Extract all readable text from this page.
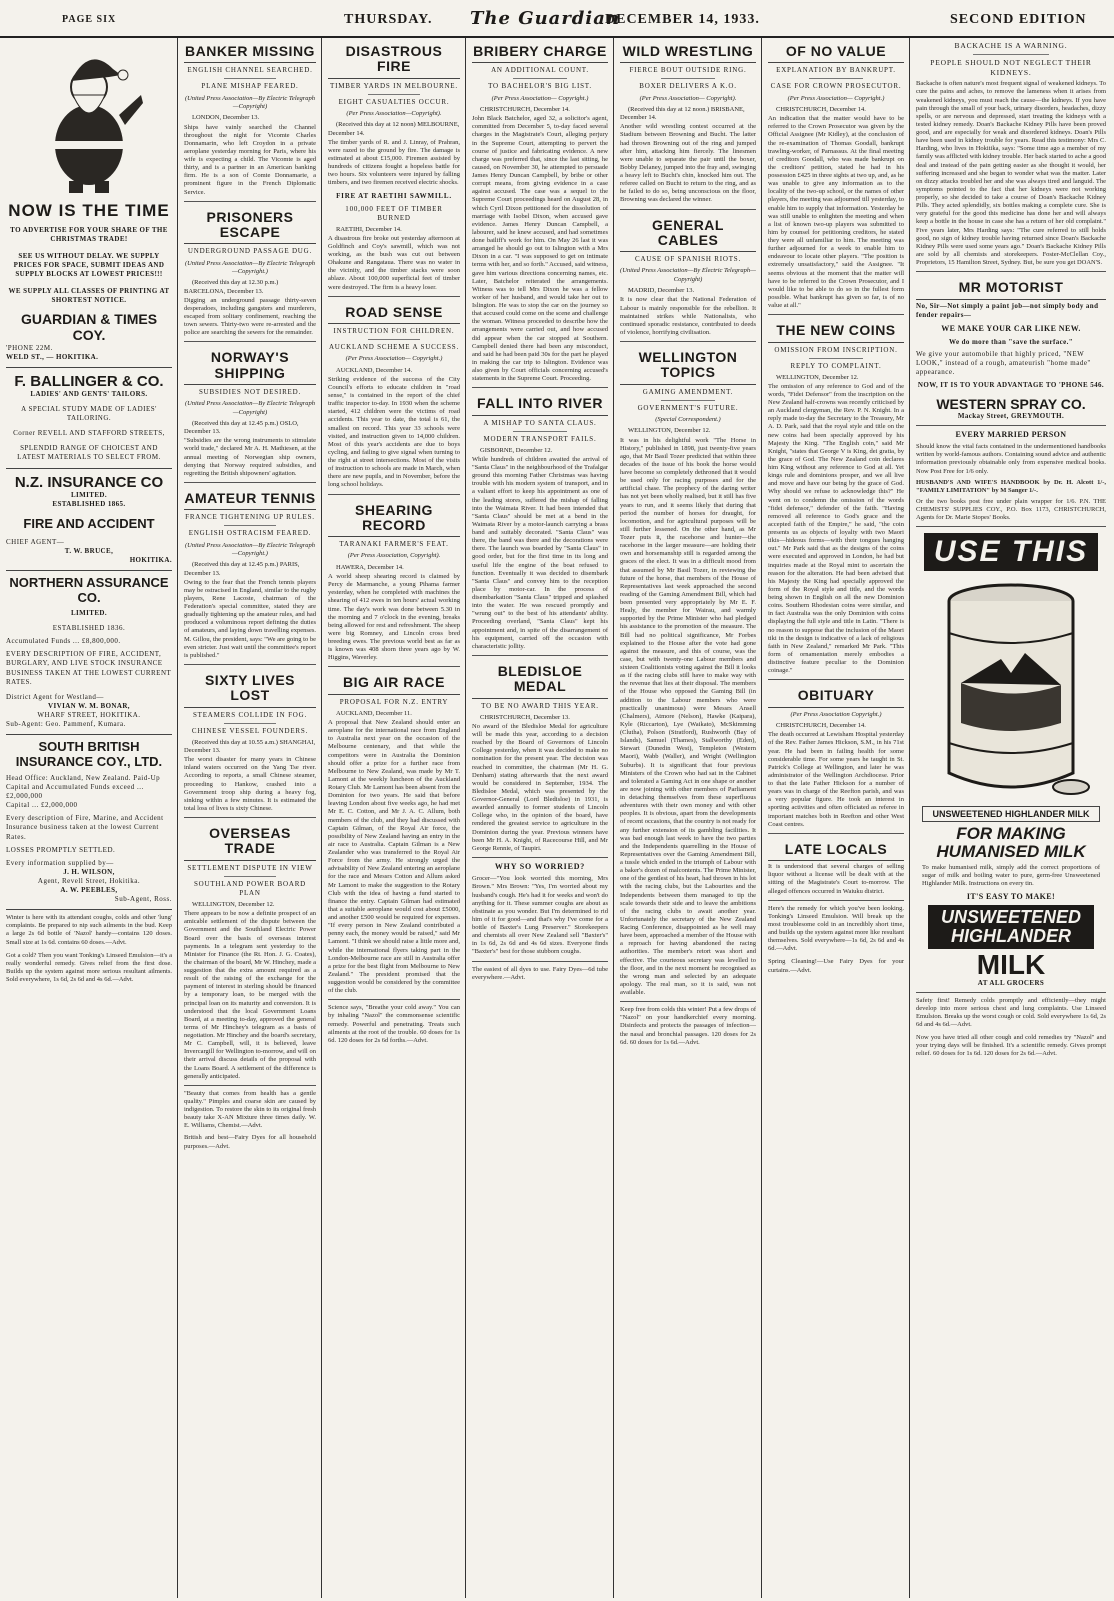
PAGE SIX	THURSDAY. The Guardian
DECEMBER 14, 1933.	SECOND EDITION
NOW IS THE TIME
TO ADVERTISE FOR YOUR SHARE OF THE CHRISTMAS TRADE!
SEE US WITHOUT DELAY. WE SUPPLY PRICES FOR SPACE, SUBMIT IDEAS AND SUPPLY BLOCKS AT LOWEST PRICES!!!
WE SUPPLY ALL CLASSES OF PRINTING AT SHORTEST NOTICE.
GUARDIAN & TIMES COY.
'PHONE 22M.
WELD ST., — HOKITIKA.
F. BALLINGER & CO.
LADIES' AND GENTS' TAILORS.
A SPECIAL STUDY MADE OF LADIES' TAILORING.
Corner REVELL AND STAFFORD STREETS,
SPLENDID RANGE OF CHOICEST AND LATEST MATERIALS TO SELECT FROM.
N.Z. INSURANCE CO
LIMITED.
ESTABLISHED 1865.
FIRE AND ACCIDENT
CHIEF AGENT—
T. W. BRUCE,
HOKITIKA.
NORTHERN ASSURANCE CO.
LIMITED.
ESTABLISHED 1836.
Accumulated Funds ... £8,800,000.
EVERY DESCRIPTION OF FIRE, ACCIDENT, BURGLARY, AND LIVE STOCK INSURANCE BUSINESS TAKEN AT THE LOWEST CURRENT RATES.
District Agent for Westland—
VIVIAN W. M. BONAR,
WHARF STREET, HOKITIKA.
Sub-Agent: Geo. Pammenf, Kumara.
SOUTH BRITISH INSURANCE COY., LTD.
Head Office: Auckland, New Zealand. Paid-Up Capital and Accumulated Funds exceed ... £2,000,000
Capital ... £2,000,000
Every description of Fire, Marine, and Accident Insurance business taken at the lowest Current Rates.
LOSSES PROMPTLY SETTLED.
Every information supplied by—
J. H. WILSON,
Agent, Revell Street, Hokitika.
A. W. PEEBLES,
Sub-Agent, Ross.

Winter is here with its attendant coughs, colds and other 'lung' complaints. Be prepared to nip such ailments in the bud. Keep a large 2s 6d bottle of 'Nazol' handy—contains 120 doses. Small size at 1s 6d. contains 60 doses.—Advt.

Got a cold? Then you want Tonking's Linseed Emulsion—it's a really wonderful remedy. Gives relief from the first dose. Builds up the system against more serious resultant ailments. Sold everywhere, 1s 6d, 2s 6d and 4s 6d.—Advt.

BANKER MISSING
ENGLISH CHANNEL SEARCHED.
PLANE MISHAP FEARED.
(United Press Association—By Electric Telegraph—Copyright)
LONDON, December 13.

Ships have vainly searched the Channel throughout the night for Vicomte Charles Donnamarin, who left Croydon in a private aeroplane yesterday morning for Paris, where his wife is expecting a child. The Vicomte is aged thirty, and is a partner in an American banking firm. He is a son of Comte Donnamarie, a prominent figure in the French Diplomatic Service.

PRISONERS ESCAPE
UNDERGROUND PASSAGE DUG.
(United Press Association—By Electric Telegraph—Copyright.)
(Received this day at 12.30 p.m.) BARCELONA, December 13.

Digging an underground passage thirty-seven desperadoes, including gangsters and murderers, escaped from solitary confinement, reaching the town sewers. Thirty-two were re-arrested and the police are searching the sewers for the remainder.

NORWAY'S SHIPPING
SUBSIDIES NOT DESIRED.
(United Press Association—By Electric Telegraph—Copyright)
(Received this day at 12.45 p.m.) OSLO, December 13.

"Subsidies are the wrong instruments to stimulate world trade," declared Mr A. H. Mathiesen, at the annual meeting of Norwegian ship owners, denying that Norway required subsidies, and regretting the British shipowners' agitation.

AMATEUR TENNIS
FRANCE TIGHTENING UP RULES.
ENGLISH OSTRACISM FEARED.
(United Press Association—By Electric Telegraph—Copyright.)
(Received this day at 12.45 p.m.) PARIS, December 13.

Owing to the fear that the French tennis players may be ostracised in England, similar to the rugby players, Rene Lacoste, chairman of the Federation's special committee, stated they are gradually tightening up the amateur rules, and had produced a voluminous report defining the duties of amateurs, and laying down travelling expenses. M. Gillou, the president, says: "We are going to be even stricter. Just wait until the committee's report is published."

SIXTY LIVES LOST
STEAMERS COLLIDE IN FOG.
CHINESE VESSEL FOUNDERS.
(Received this day at 10.55 a.m.) SHANGHAI, December 13.

The worst disaster for many years in Chinese inland waters occurred on the Yang Tse river. According to reports, a small Chinese steamer, proceeding to Hankow, crashed into a Government troop ship during a heavy fog, sinking within a few minutes. It is estimated the total loss of lives is sixty Chinese.

OVERSEAS TRADE
SETTLEMENT DISPUTE IN VIEW
SOUTHLAND POWER BOARD PLAN
WELLINGTON, December 12.

There appears to be now a definite prospect of an amicable settlement of the dispute between the Government and the Southland Electric Power Board over the basis of overseas interest payments. In a telegram sent yesterday to the Minister for Finance (the Rt. Hon. J. G. Coates), the chairman of the board, Mr W. Hinchey, made a suggestion that the extra amount required as a result of the raising of the exchange for the payment of interest in sterling should be financed by a temporary loan, to be merged with the principal loan on its maturity and conversion. It is understood that the local Government Loans Board, at a meeting to-day, approved the general terms of Mr Hinchey's telegram as a basis of negotiation. Mr Hinchey and the board's secretary, Mr C. Campbell, will, it is believed, leave Invercargill for Wellington to-morrow, and will on their arrival discuss details of the proposal with the Loans Board. A settlement of the difference is generally anticipated.

"Beauty that comes from health has a gentle quality." Pimples and coarse skin are caused by indigestion. To restore the skin to its original fresh beauty take X-AN Mixture three times daily. W. E. Williams, Chemist.—Advt.

British and best—Fairy Dyes for all household purposes.—Advt.

DISASTROUS FIRE
TIMBER YARDS IN MELBOURNE.
EIGHT CASUALTIES OCCUR.
(Per Press Association—Copyright).
(Received this day at 12 noon) MELBOURNE, December 14.

The timber yards of R. and J. Linray, of Prahran, were razed to the ground by fire. The damage is estimated at about £15,000. Firemen assisted by hundreds of citizens fought a hopeless battle for two hours. Six volunteers were injured by falling timbers, and two firemen received electric shocks.

FIRE AT RAETIHI SAWMILL.
100,000 FEET OF TIMBER BURNED
RAETIHI, December 14.

A disastrous fire broke out yesterday afternoon at Goldfinch and Coy's sawmill, which was not working, as the bush was cut out between Ohakune and Rangataua. There was no water in the vicinity, and the timber stacks were soon ablaze. About 100,000 superficial feet of timber were destroyed. The firm is a heavy loser.

ROAD SENSE
INSTRUCTION FOR CHILDREN.
AUCKLAND SCHEME A SUCCESS.
(Per Press Association— Copyright.)
AUCKLAND, December 14.

Striking evidence of the success of the City Council's efforts to educate children in "road sense," is contained in the report of the chief traffic inspector to-day. In 1930 when the scheme started, 412 children were the victims of road accidents. This year to date, the total is 61, the smallest on record. This year 33 schools were visited, and instruction given to 14,000 children. Most of this year's accidents are due to boys cycling, and failing to give signal when turning to the right at street intersections. Most of the visits of instruction to schools are made in March, when there are new pupils, and in November, before the long school holidays.

SHEARING RECORD
TARANAKI FARMER'S FEAT.
(Per Press Association, Copyright).
HAWERA, December 14.

A world sheep shearing record is claimed by Percy de Marmanche, a young Pihama farmer yesterday, when he completed with machines the shearing of 412 ewes in ten hours' actual working time. The day's work was done between 5.30 in the morning and 7 o'clock in the evening, breaks being allowed for rest and refreshment. The sheep were big Romney, and Lincoln cross bred breeding ewes. The previous world best as far as is known was 408 shorn three years ago by W. Higgins, Waverley.

BIG AIR RACE
PROPOSAL FOR N.Z. ENTRY
AUCKLAND, December 11.

A proposal that New Zealand should enter an aeroplane for the international race from England to Australia next year on the occasion of the Melbourne centenary, and that while the competitors were in Australia the Dominion should offer a prize for a further race from Melbourne to New Zealand, was made by Mr T. Lamont at the weekly luncheon of the Auckland Rotary Club. Mr Lamont has been absent from the Dominion for two years. He said that before leaving London about five weeks ago, he had met Mr E. C. Cotton, and Mr J. A. C. Allum, both members of the club, and they had discussed with Captain Gilman, of the Royal Air force, the possibility of New Zealand having an entry in the air race to Australia. Captain Gilman is a New Zealander who was transferred to the Royal Air Force from the army. He strongly urged the advisability of New Zealand entering an aeroplane for the race and Messrs Cotton and Allum asked Mr Lamont to make the suggestion to the Rotary Club with the idea of having a fund started to finance the entry. Captain Gilman had estimated that a suitable aeroplane would cost about £5000, and another £500 would be required for expenses. "If every person in New Zealand contributed a penny each, the money would be raised," said Mr Lamont. "I think we should raise a little more and, while the international flyers taking part in the London-Melbourne race are still in Australia offer a prize for the best flight from Melbourne to New Zealand." The president promised that the suggestion would be considered by the committee of the club.

Science says, "Breathe your cold away." You can by inhaling "Nazol" the commonsense scientific remedy. Powerful and penetrating. Treats such ailments at the root of the trouble. 60 doses for 1s 6d. 120 doses for 2s 6d forths.—Advt.

BRIBERY CHARGE
AN ADDITIONAL COUNT.
TO BACHELOR'S BIG LIST.
(Per Press Association— Copyright.)
CHRISTCHURCH, December 14.

John Black Batchelor, aged 32, a solicitor's agent, committed from December 5, to-day faced several charges in the Magistrate's Court, alleging perjury in the Supreme Court, attempting to pervert the course of justice and fabricating evidence. A new charge was preferred that, since the last sitting, he caused, on November 30, he attempted to persuade James Henry Duncan Campbell, by bribe or other corrupt means, from giving evidence in a case against accused. The case was a sequel to the Supreme Court proceedings heard on August 28, in which Cyril Dixon petitioned for the dissolution of marriage with Isobel Dixon, when accused gave evidence. James Henry Duncan Campbell, a labourer, said he knew accused, and had sometimes done bailiff's work for him. On May 26 last it was arranged he should go out to Islington with a Mrs Dixon in a car. "I was supposed to get on intimate terms with her, and so forth." Accused, said witness, gave him various directions concerning names, etc. Later, Batchelor reiterated the arrangements. Witness was to tell Mrs Dixon he was a fellow worker of her husband, and would take her out to Islington. He was to stop the car on the journey so that accused could come on the scene and challenge the woman. Witness proceeded to describe how the arrangements were carried out, and how accused did appear when the car stopped at Southern. Campbell denied there had been any misconduct, and said he had been paid 30s for the part he played in making the car trip to Islington. Evidence was also given by Court officials concerning accused's statements in the Supreme Court. Proceeding.

FALL INTO RIVER
A MISHAP TO SANTA CLAUS.
MODERN TRANSPORT FAILS.
GISBORNE, December 12.

While hundreds of children awaited the arrival of "Santa Claus" in the neighbourhood of the Trafalgar ground this morning Father Christmas was having trouble with his modern system of transport, and in a valiant effort to keep his appointment as one of the leading stores, suffered the mishap of falling into the Waimata River. It had been intended that "Santa Claus" should be met at a bend in the Waimata River by a motor-launch carrying a brass band and suitably decorated. "Santa Claus" was there, the band was there and the decorations were there. The launch was boarded by "Santa Claus" in good order, but for the first time in its long and useful life the engine of the boat refused to function. Eventually it was decided to disembark "Santa Claus" and convey him to the reception place by motor-car. In the process of disembarkation "Santa Claus" tripped and splashed into the water. He was rescued promptly and "wrung out" to the best of his attendants' ability. Proceeding overland, "Santa Claus" kept his appointment and, in spite of the disarrangement of his equipment, carried off the occasion with characteristic jollity.

BLEDISLOE MEDAL
TO BE NO AWARD THIS YEAR.
CHRISTCHURCH, December 13.

No award of the Bledisloe Medal for agriculture will be made this year, according to a decision reached by the Board of Governors of Lincoln College yesterday, when it was decided to make no nomination for the present year. The decision was reached in committee, the chairman (Mr H. G. Denham) stating afterwards that the next award would be considered in September, 1934. The Bledisloe Medal, which was presented by the Governor-General (Lord Bledisloe) in 1931, is awarded annually to former students of Lincoln College who, in the opinion of the board, have rendered the greatest service to agriculture in the Dominion during the year. Previous winners have been Mr H. A. Knight, of Racecourse Hill, and Mr George Rennie, of Taupiri.

WHY SO WORRIED?

Grocer—"You look worried this morning, Mrs Brown." Mrs Brown: "Yes, I'm worried about my husband's cough. He's had it for weeks and won't do anything for it. These summer coughs are about as obstinate as you wonder. But I'm determined to rid him of it for good—and that's why I've come for a bottle of Baxter's Lung Preserver." Storekeepers and chemists all over New Zealand sell "Baxter's" in 1s 6d, 2s 6d and 4s 6d sizes. Everyone finds "Baxter's" best for those stubborn coughs.

The easiest of all dyes to use. Fairy Dyes—6d tube everywhere.—Advt.

WILD WRESTLING
FIERCE BOUT OUTSIDE RING.
BOXER DELIVERS A K.O.
(Per Press Association— Copyright).
(Received this day at 12 noon.) BRISBANE, December 14.

Another wild wrestling contest occurred at the Stadium between Browning and Bucht. The latter had thrown Browning out of the ring and jumped after him, attacking him fiercely. The linesmen were unable to separate the pair until the boxer, Bobby Delaney, jumped into the fray and, swinging a heavy left to Bucht's chin, knocked him out. The referee called on Bucht to return to the ring, and as he failed to do so, being unconscious on the floor, Browning was declared the winner.

GENERAL CABLES
CAUSE OF SPANISH RIOTS.
(United Press Association—By Electric Telegraph—Copyright)
MADRID, December 13.

It is now clear that the National Federation of Labour is mainly responsible for the rebellion. It maintained strikes while Nationalists, who continued sporadic resistance, contributed to deeds of violence, horrifying civilisation.

WELLINGTON TOPICS
GAMING AMENDMENT.
GOVERNMENT'S FUTURE.
(Special Correspondent.)
WELLINGTON, December 12.

It was in his delightful work "The Horse in History," published in 1898, just twenty-five years ago, that Mr Basil Tozer predicted that within three decades of the issue of his book the horse would have become so completely dethroned that it would be used only for racing purposes and for the artificial chase. The prophecy of the daring writer has not yet been wholly realised, but it still has five years to run, and it seems likely that during that period the number of horses for draught, for locomotion, and for agricultural purposes will be still further lessened. On the other hand, as Mr Tozer puts it, the racehorse and hunter—the racehorse in the larger measure—are holding their own and horsemanship still is regarded among the graces of the elect. It was in a difficult mood from that assumed by Mr Basil Tozer, in reviewing the future of the horse, that members of the House of Representatives last week approached the second reading of the Gaming Amendment Bill, which had been presented very appropriately by Mr E. F. Healy, the member for Wairau, and warmly supported by the Prime Minister who had pledged his assistance to the promotion of the measure. The Bill had no political significance, Mr Forbes explained to the House after the vote had gone against the measure, and this of course, was the case, but with twenty-one Labour members and sixteen Coalitionists voting against the Bill it looks as if the racing clubs still have to make way with the revenue that lies at their disposal. The members of the House who opposed the Gaming Bill (in addition to the Labour members who were practically unanimous) were Messrs Ansell (Chalmers), Atmore (Nelson), Hawke (Kaipara), Kyle (Riccarton), Lye (Waikato), McSkimming (Clutha), Polson (Stratford), Rushworth (Bay of Islands), Samuel (Thames), Stallworthy (Eden), Stewart (Dunedin West), Templeton (Western Maori), Wabb (Waller), and Wright (Wellington Suburbs). It is significant that four previous Ministers of the Crown who had sat in the Cabinet and tolerated a Gaming Act in one shape or another are now joining with other members of Parliament in detaching themselves from these superfluous adventures with their own money and with other peoples. It is obvious, apart from the developments of recent occasions, that the country is not ready for any further extension of its gambling facilities. It was bad enough last week to have the two parties and the Independents quarrelling in the House of Representatives over the Gaming Amendment Bill, a tussle which ended in the triumph of Labour with a baker's dozen of malcontents. The Prime Minister, one of the gentlest of his heart, had thrown in his lot with the racing clubs, but the Labourites and the Independents between them managed to tip the scale towards their side and to leave the ambitions of the racing clubs to await another year. Unfortunately the secretary of the New Zealand Racing Conference, disappointed as he well may have been, approached a member of the House with a reproach for having abandoned the racing authorities. The member's retort was short and effective. The courteous secretary was levelled to the floor, and in the next moment he recognised as the wrong man and selected by an adequate apology. The real man, so it is said, was not available.

Keep free from colds this winter! Put a few drops of "Nazol" on your handkerchief every morning. Disinfects and protects the passages of infection—the nasal and bronchial passages. 120 doses for 2s 6d. 60 doses for 1s 6d.—Advt.

OF NO VALUE
EXPLANATION BY BANKRUPT.
CASE FOR CROWN PROSECUTOR.
(Per Press Association— Copyright.)
CHRISTCHURCH, December 14.

An indication that the matter would have to be referred to the Crown Prosecutor was given by the Official Assignee (Mr Kidley), at the conclusion of the re-examination of Thomas Goodall, bankrupt trawling-worker, of Parnassus. At the final meeting of creditors Goodall, who was made bankrupt on the creditors' petition, stated he had in his possession £425 in three sights at two up, and, as he was unable to give any information as to the locality of the two-up school, or the names of other players, the meeting was adjourned till yesterday, to enable him to supply that information. Yesterday he was still unable to enlighten the meeting and when a list of known two-up players was submitted to him by counsel for petitioning creditors, he stated they were all unfamiliar to him. The meeting was further adjourned for a week to enable him to endeavour to locate other players. "The position is extremely unsatisfactory," said the Assignee. "It seems obvious at the moment that the matter will have to be referred to the Crown Prosecutor, and I would like to be able to do so in the fullest form possible. What bankrupt has given so far, is of no value at all."

THE NEW COINS
OMISSION FROM INSCRIPTION.
REPLY TO COMPLAINT.
WELLINGTON, December 12.

The omission of any reference to God and of the words, "Fidei Defensor" from the inscription on the New Zealand half-crowns was recently criticised by an Auckland clergyman, the Rev. P. N. Knight. In a reply made to-day the Secretary to the Treasury, Mr A. D. Park, said that the royal style and title on the new coins had been specially approved by his Majesty the King. "The English coin," said Mr Knight, "states that George V is King, dei gratia, by the grace of God. The New Zealand coin declares him King without any reference to God at all. Yet kings rule and dominions prosper, and we all live and move and have our being by the grace of God. Why should we refuse to acknowledge this?" He went on to condemn the omission of the words "fidei defensor," defender of the faith. "Having removed all reference to God's grace and the accepted faith of the Empire," he said, "the coin presents us as objects of loyalty with two Maori tikis—hideous forms—with their tongues hanging out." Mr Park said that as the designs of the coins were executed and approved in London, he had but inquiries made at the Royal mint to ascertain the reason for the alteration. He had been advised that his Majesty the King had specially approved the form of the Royal style and title, and the words being shown in English on all the new Dominion coins. Southern Rhodesian coins were similar, and in fact Australia was the only Dominion with coins displaying the full style and title in Latin. "There is no reason to suppose that the inclusion of the Maori tiki in the design is indicative of a lack of religious faith in New Zealand," remarked Mr Park. "This form of ornamentation merely embodies a distinctive feature peculiar to the Dominion coinage."

OBITUARY
(Per Press Association Copyright.)
CHRISTCHURCH, December 14.

The death occurred at Lewisham Hospital yesterday of the Rev. Father James Hickson, S.M., in his 71st year. He had been in failing health for some considerable time. For some years he taught in St. Patrick's College at Wellington, and later he was administrator of the Wellington Archdiocese. Prior to that the late Father Hickson for a number of years was in charge of the Reefton parish, and was a very popular figure. He took an interest in sporting activities and often officiated as referee in important matches both in Reefton and other West Coast centres.

LATE LOCALS

It is understood that several charges of selling liquor without a license will be dealt with at the sitting of the Magistrate's Court to-morrow. The alleged offences occurred in Waiuku district.

Here's the remedy for which you've been looking. Tonking's Linseed Emulsion. Will break up the most troublesome cold in an incredibly short time, and builds up the system against more like resultant themselves. Sold everywhere—1s 6d, 2s 6d and 4s 6d.—Advt.

Spring Cleaning!—Use Fairy Dyes for your curtains.—Advt.

BACKACHE IS A WARNING.
PEOPLE SHOULD NOT NEGLECT THEIR KIDNEYS.

Backache is often nature's most frequent signal of weakened kidneys. To cure the pains and aches, to remove the lameness when it arises from weakened kidneys, you must reach the cause—the kidneys. If you have pain through the small of your back, urinary disorders, headaches, dizzy spells, or are nervous and depressed, start treating the kidneys with a tested kidney remedy. Doan's Backache Kidney Pills have been proved good, and are especially for weak and disordered kidneys. Doan's Pills have been used in kidney trouble for years. Read this testimony: Mrs C. Harding, who lives in Hokitika, says: "Some time ago a member of my family was afflicted with kidney trouble. Her back started to ache a good deal and instead of the pain getting easier as she thought it would, her suffering increased and she began to wonder what was the matter. Later on dizzy attacks troubled her and she was always tired and languid. The symptoms pointed to the fact that her kidneys were not working properly, so she decided to take a course of Doan's Backache Kidney Pills. They acted splendidly, six bottles making a complete cure. She is very grateful for the good this medicine has done her and will always keep a bottle in the house in case she has a return of her old complaint." Five years later, Mrs Harding says: "The cure referred to still holds good, no sign of kidney trouble having returned since Doan's Backache Kidney Pills were used some years ago." Doan's Backache Kidney Pills are sold by all chemists and storekeepers. Foster-McClellan Coy., Proprietors, 15 Hamilton Street, Sydney. But, be sure you get DOAN'S.

MR MOTORIST
No, Sir—Not simply a paint job—not simply body and fender repairs—
WE MAKE YOUR CAR LIKE NEW.
We do more than "save the surface."
We give your automobile that highly priced, "NEW LOOK," instead of a rough, amateurish "home made" appearance.
NOW, IT IS TO YOUR ADVANTAGE TO 'PHONE 546.
WESTERN SPRAY CO.
Mackay Street, GREYMOUTH.
EVERY MARRIED PERSON

Should know the vital facts contained in the undermentioned handbooks written by world-famous authors. Containing sound advice and authentic information previously obtainable only from expensive medical books. Now Post Free for 1/6 only.

HUSBAND'S AND WIFE'S HANDBOOK by Dr. H. Alcott 1/-, "FAMILY LIMITATION" by M Sanger 1/-.

Or the two books post free under plain wrapper for 1/6. P.N. THE CHEMISTS' SUPPLIES COY., P.O. Box 1173, CHRISTCHURCH, Agents for Dr. Marie Stopes' Books.

USE THIS
UNSWEETENED HIGHLANDER MILK
FOR MAKING HUMANISED MILK

To make humanised milk, simply add the correct proportions of sugar of milk and boiling water to pure, germ-free Unsweetened Highlander Milk. Instructions on every tin.

IT'S EASY TO MAKE!
UNSWEETENED HIGHLANDER
MILK
AT ALL GROCERS

Safety first! Remedy colds promptly and efficiently—they might develop into more serious chest and lung complaints. Use Linseed Emulsion. Breaks up the worst cough or cold. Sold everywhere 1s 6d, 2s 6d and 4s 6d.—Advt.

Now you have tried all other cough and cold remedies try "Nazol" and your trying days will be finished. It's a scientific remedy. Gives prompt relief. 60 doses for 1s 6d. 120 doses for 2s 6d.—Advt.
